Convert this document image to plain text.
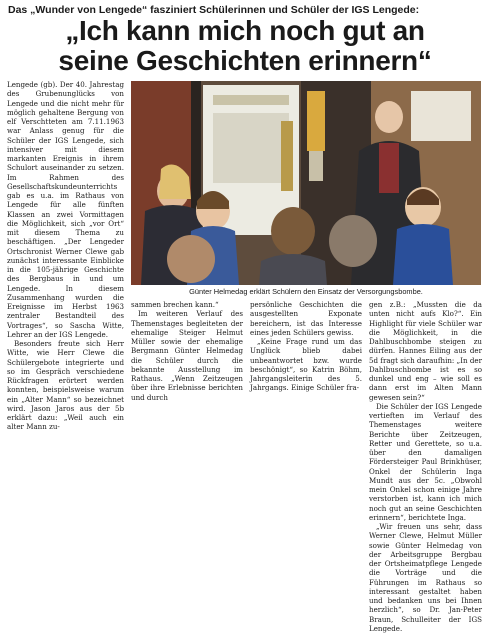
Das „Wunder von Lengede“ fasziniert Schülerinnen und Schüler der IGS Lengede:
„Ich kann mich noch gut an
seine Geschichten erinnern“

Lengede (gb). Der 40. Jahrestag des Grubenunglücks von Lengede und die nicht mehr für möglich gehaltene Bergung von elf Verschtteten am 7.11.1963 war Anlass genug für die Schüler der IGS Lengede, sich intensiver mit diesem markanten Ereignis in ihrem Schulort auseinander zu setzen. Im Rahmen des Gesellschaftskundeunterrichts gab es u.a. im Rathaus von Lengede für alle fünften Klassen an zwei Vormittagen die Möglichkeit, sich „vor Ort“ mit diesem Thema zu beschäftigen. „Der Lengeder Ortschronist Werner Clewe gab zunächst interessante Einblicke in die 105-jährige Geschichte des Bergbaus in und um Lengede. In diesem Zusammenhang wurden die Ereignisse im Herbst 1963 zentraler Bestandteil des Vortrages“, so Sascha Witte, Lehrer an der IGS Lengede.

Besonders freute sich Herr Witte, wie Herr Clewe die Schülergebote integrierte und so im Gespräch verschiedene Rückfragen erörtert werden konnten, beispielsweise warum ein „Alter Mann“ so bezeichnet wird. Jason Jaros aus der 5b erklärt dazu: „Weil auch ein alter Mann zu-

Günter Helmedag erklärt Schülern den Einsatz der Versorgungsbombe.

sammen brechen kann.“

Im weiteren Verlauf des Themenstages begleiteten der ehemalige Steiger Helmut Müller sowie der ehemalige Bergmann Günter Helmedag die Schüler durch die bekannte Ausstellung im Rathaus. „Wenn Zeitzeugen über ihre Erlebnisse berichten und durch

persönliche Geschichten die ausgestellten Exponate bereichern, ist das Interesse eines jeden Schülers gewiss.

„Keine Frage rund um das Unglück blieb dabei unbeantwortet bzw. wurde beschönigt“, so Katrin Böhm, Jahrgangsleiterin des 5. Jahrgangs. Einige Schüler fra-

gen z.B.: „Mussten die da unten nicht aufs Klo?“. Ein Highlight für viele Schüler war die Möglichkeit, in die Dahlbuschbombe steigen zu dürfen. Hannes Eiling aus der 5d fragt sich daraufhin: „In der Dahlbuschbombe ist es so dunkel und eng – wie soll es dann erst im Alten Mann gewesen sein?“

Die Schüler der IGS Lengede vertieften im Verlauf des Themenstages weitere Berichte über Zeitzeugen, Retter und Gerettete, so u.a. über den damaligen Fördersteiger Paul Brinkhüser, Onkel der Schülerin Inga Mundt aus der 5c. „Obwohl mein Onkel schon einige Jahre verstorben ist, kann ich mich noch gut an seine Geschichten erinnern“, berichtete Inga.

„Wir freuen uns sehr, dass Werner Clewe, Helmut Müller sowie Günter Helmedag von der Arbeitsgruppe Bergbau der Ortsheimatpflege Lengede die Vorträge und die Führungen im Rathaus so interessant gestaltet haben und bedanken uns bei Ihnen herzlich“, so Dr. Jan-Peter Braun, Schulleiter der IGS Lengede.
